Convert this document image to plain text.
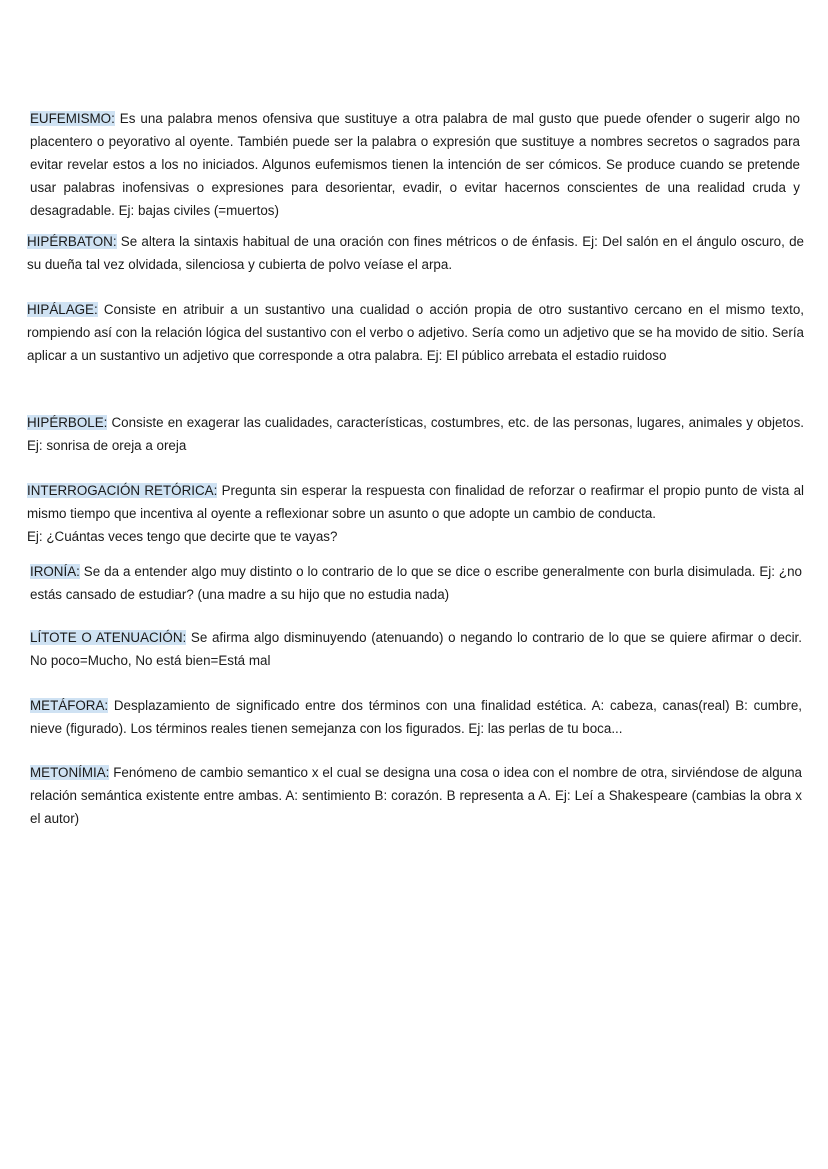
EUFEMISMO: Es una palabra menos ofensiva que sustituye a otra palabra de mal gusto que puede ofender o sugerir algo no placentero o peyorativo al oyente. También puede ser la palabra o expresión que sustituye a nombres secretos o sagrados para evitar revelar estos a los no iniciados. Algunos eufemismos tienen la intención de ser cómicos. Se produce cuando se pretende usar palabras inofensivas o expresiones para desorientar, evadir, o evitar hacernos conscientes de una realidad cruda y desagradable. Ej: bajas civiles (=muertos)

HIPÉRBATON: Se altera la sintaxis habitual de una oración con fines métricos o de énfasis. Ej: Del salón en el ángulo oscuro, de su dueña tal vez olvidada, silenciosa y cubierta de polvo veíase el arpa.

HIPÁLAGE: Consiste en atribuir a un sustantivo una cualidad o acción propia de otro sustantivo cercano en el mismo texto, rompiendo así con la relación lógica del sustantivo con el verbo o adjetivo. Sería como un adjetivo que se ha movido de sitio. Sería aplicar a un sustantivo un adjetivo que corresponde a otra palabra. Ej: El público arrebata el estadio ruidoso

HIPÉRBOLE: Consiste en exagerar las cualidades, características, costumbres, etc. de las personas, lugares, animales y objetos. Ej: sonrisa de oreja a oreja

INTERROGACIÓN RETÓRICA: Pregunta sin esperar la respuesta con finalidad de reforzar o reafirmar el propio punto de vista al mismo tiempo que incentiva al oyente a reflexionar sobre un asunto o que adopte un cambio de conducta.
Ej: ¿Cuántas veces tengo que decirte que te vayas?

IRONÍA: Se da a entender algo muy distinto o lo contrario de lo que se dice o escribe generalmente con burla disimulada. Ej: ¿no estás cansado de estudiar? (una madre a su hijo que no estudia nada)

LÍTOTE O ATENUACIÓN: Se afirma algo disminuyendo (atenuando) o negando lo contrario de lo que se quiere afirmar o decir. No poco=Mucho, No está bien=Está mal

METÁFORA: Desplazamiento de significado entre dos términos con una finalidad estética. A: cabeza, canas(real) B: cumbre, nieve (figurado). Los términos reales tienen semejanza con los figurados. Ej: las perlas de tu boca...

METONÍMIA: Fenómeno de cambio semantico x el cual se designa una cosa o idea con el nombre de otra, sirviéndose de alguna relación semántica existente entre ambas. A: sentimiento B: corazón. B representa a A. Ej: Leí a Shakespeare (cambias la obra x el autor)
